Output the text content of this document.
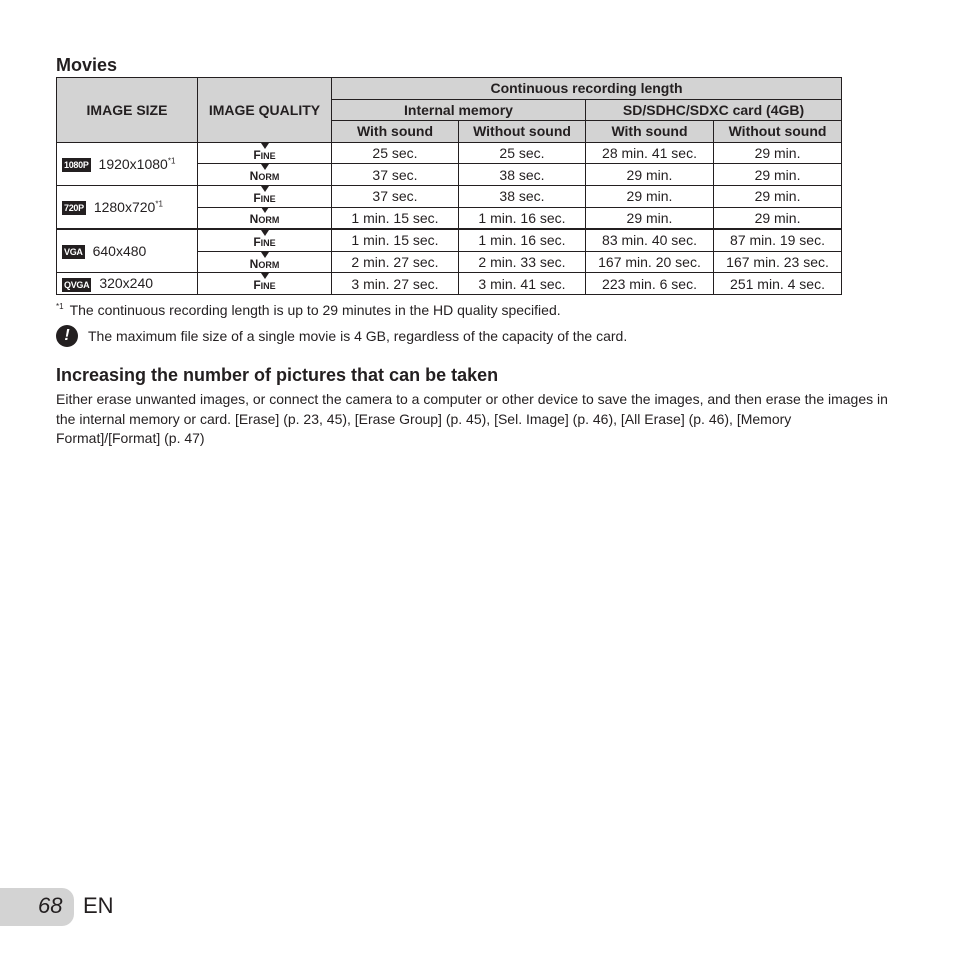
Movies
IMAGE SIZE	IMAGE QUALITY	Continuous recording length			
		Internal memory		SD/SDHC/SDXC card (4GB)	
		With sound	Without sound	With sound	Without sound
1080P 1920x1080$^{*1}$	FINE	25 sec.	25 sec.	28 min. 41 sec.	29 min.
	NORM	37 sec.	38 sec.	29 min.	29 min.
720P 1280x720$^{*1}$	FINE	37 sec.	38 sec.	29 min.	29 min.
	NORM	1 min. 15 sec.	1 min. 16 sec.	29 min.	29 min.
VGA 640x480	FINE	1 min. 15 sec.	1 min. 16 sec.	83 min. 40 sec.	87 min. 19 sec.
	NORM	2 min. 27 sec.	2 min. 33 sec.	167 min. 20 sec.	167 min. 23 sec.
QVGA 320x240	FINE	3 min. 27 sec.	3 min. 41 sec.	223 min. 6 sec.	251 min. 4 sec.
$^{*1}$ The continuous recording length is up to 29 minutes in the HD quality specified.
!	The maximum file size of a single movie is 4 GB, regardless of the capacity of the card.
Increasing the number of pictures that can be taken
Either erase unwanted images, or connect the camera to a computer or other device to save the images, and then erase the images in the internal memory or card. [Erase] (p. 23, 45), [Erase Group] (p. 45), [Sel. Image] (p. 46), [All Erase] (p. 46), [Memory Format]/[Format] (p. 47)
68 EN
